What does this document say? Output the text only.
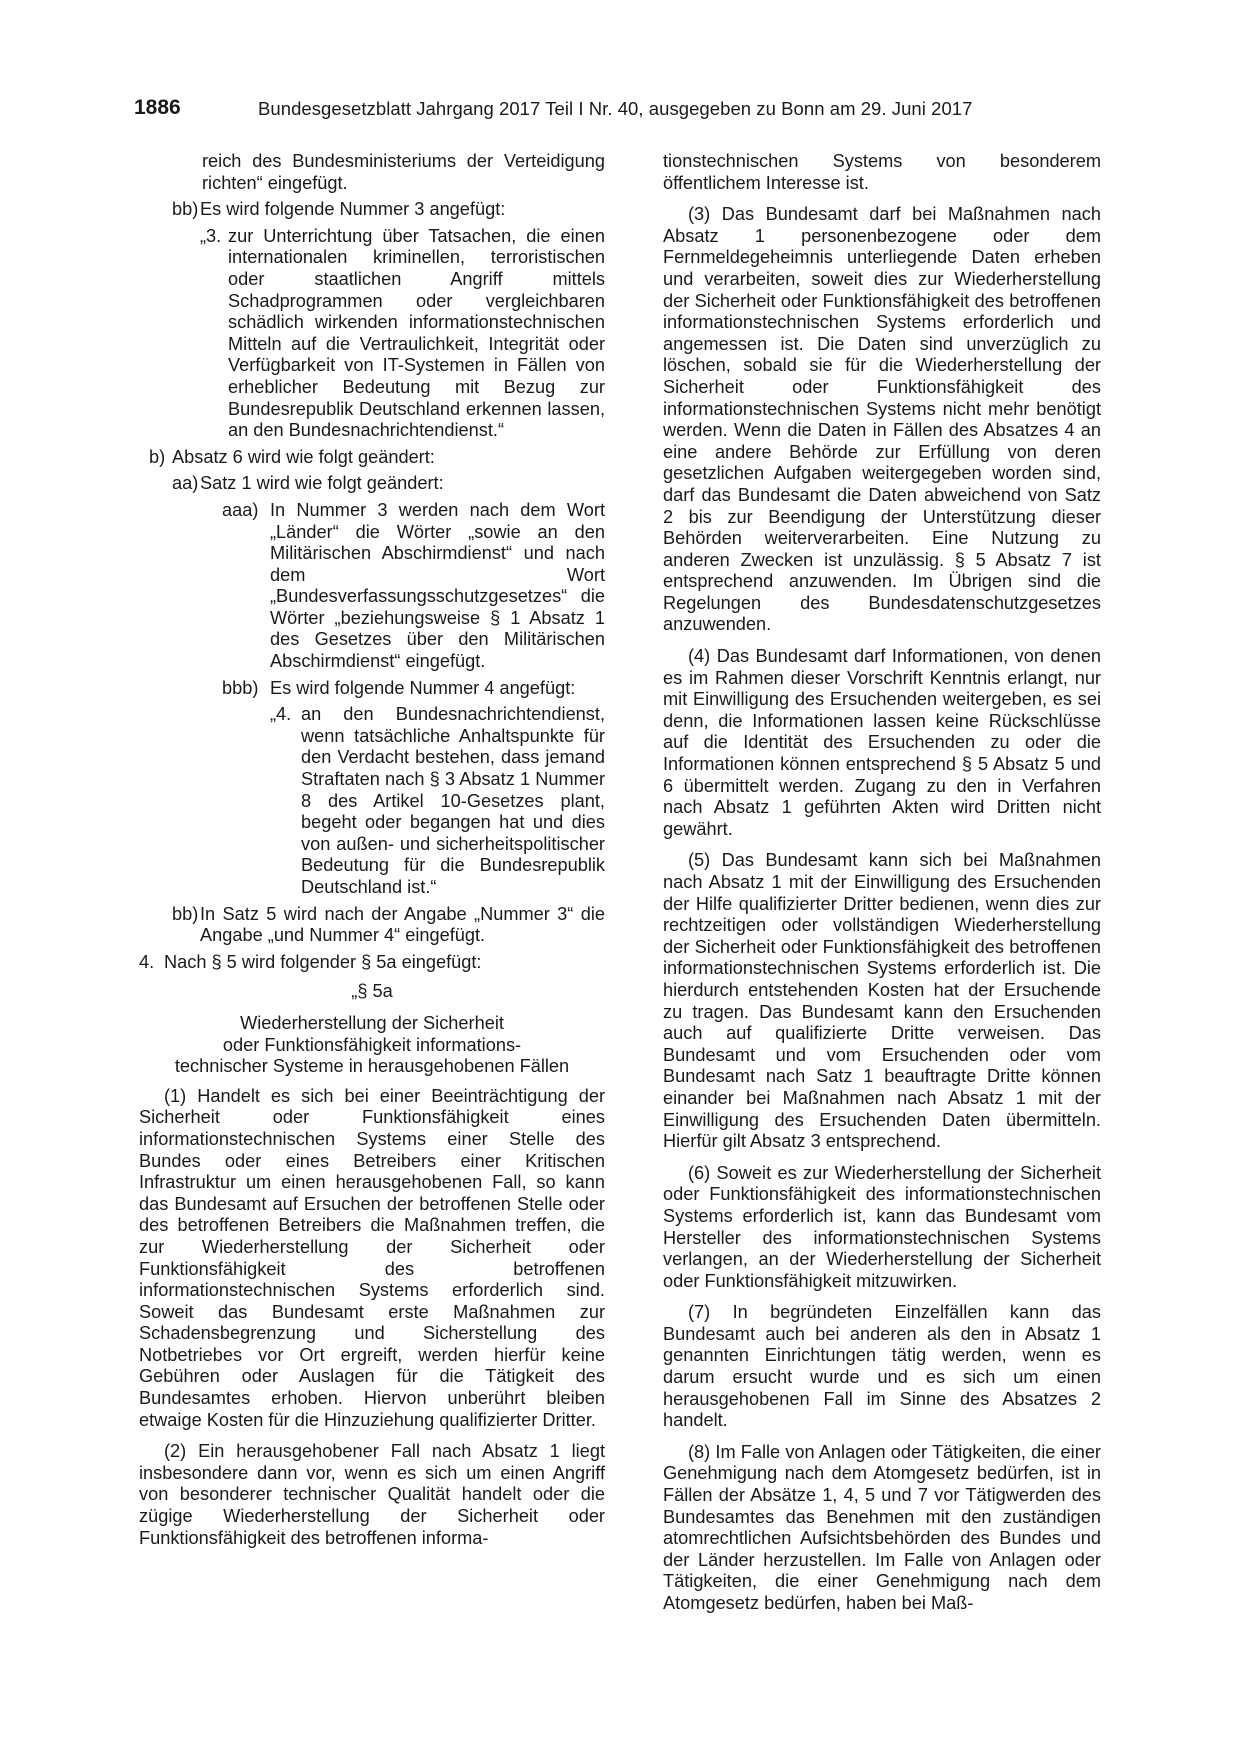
1886	Bundesgesetzblatt Jahrgang 2017 Teil I Nr. 40, ausgegeben zu Bonn am 29. Juni 2017
reich des Bundesministeriums der Verteidigung richten“ eingefügt.
bb) Es wird folgende Nummer 3 angefügt:
„3. zur Unterrichtung über Tatsachen, die einen internationalen kriminellen, terroristischen oder staatlichen Angriff mittels Schadprogrammen oder vergleichbaren schädlich wirkenden informationstechnischen Mitteln auf die Vertraulichkeit, Integrität oder Verfügbarkeit von IT-Systemen in Fällen von erheblicher Bedeutung mit Bezug zur Bundesrepublik Deutschland erkennen lassen, an den Bundesnachrichtendienst.“
b) Absatz 6 wird wie folgt geändert:
aa) Satz 1 wird wie folgt geändert:
aaa) In Nummer 3 werden nach dem Wort „Länder“ die Wörter „sowie an den Militärischen Abschirmdienst“ und nach dem Wort „Bundesverfassungsschutzgesetzes“ die Wörter „beziehungsweise § 1 Absatz 1 des Gesetzes über den Militärischen Abschirmdienst“ eingefügt.
bbb) Es wird folgende Nummer 4 angefügt:
„4. an den Bundesnachrichtendienst, wenn tatsächliche Anhaltspunkte für den Verdacht bestehen, dass jemand Straftaten nach § 3 Absatz 1 Nummer 8 des Artikel 10-Gesetzes plant, begeht oder begangen hat und dies von außen- und sicherheitspolitischer Bedeutung für die Bundesrepublik Deutschland ist.“
bb) In Satz 5 wird nach der Angabe „Nummer 3“ die Angabe „und Nummer 4“ eingefügt.
4. Nach § 5 wird folgender § 5a eingefügt:
„§ 5a
Wiederherstellung der Sicherheit
oder Funktionsfähigkeit informations-
technischer Systeme in herausgehobenen Fällen
(1) Handelt es sich bei einer Beeinträchtigung der Sicherheit oder Funktionsfähigkeit eines informationstechnischen Systems einer Stelle des Bundes oder eines Betreibers einer Kritischen Infrastruktur um einen herausgehobenen Fall, so kann das Bundesamt auf Ersuchen der betroffenen Stelle oder des betroffenen Betreibers die Maßnahmen treffen, die zur Wiederherstellung der Sicherheit oder Funktionsfähigkeit des betroffenen informationstechnischen Systems erforderlich sind. Soweit das Bundesamt erste Maßnahmen zur Schadensbegrenzung und Sicherstellung des Notbetriebes vor Ort ergreift, werden hierfür keine Gebühren oder Auslagen für die Tätigkeit des Bundesamtes erhoben. Hiervon unberührt bleiben etwaige Kosten für die Hinzuziehung qualifizierter Dritter.
(2) Ein herausgehobener Fall nach Absatz 1 liegt insbesondere dann vor, wenn es sich um einen Angriff von besonderer technischer Qualität handelt oder die zügige Wiederherstellung der Sicherheit oder Funktionsfähigkeit des betroffenen informa-
tionstechnischen Systems von besonderem öffentlichem Interesse ist.
(3) Das Bundesamt darf bei Maßnahmen nach Absatz 1 personenbezogene oder dem Fernmeldegeheimnis unterliegende Daten erheben und verarbeiten, soweit dies zur Wiederherstellung der Sicherheit oder Funktionsfähigkeit des betroffenen informationstechnischen Systems erforderlich und angemessen ist. Die Daten sind unverzüglich zu löschen, sobald sie für die Wiederherstellung der Sicherheit oder Funktionsfähigkeit des informationstechnischen Systems nicht mehr benötigt werden. Wenn die Daten in Fällen des Absatzes 4 an eine andere Behörde zur Erfüllung von deren gesetzlichen Aufgaben weitergegeben worden sind, darf das Bundesamt die Daten abweichend von Satz 2 bis zur Beendigung der Unterstützung dieser Behörden weiterverarbeiten. Eine Nutzung zu anderen Zwecken ist unzulässig. § 5 Absatz 7 ist entsprechend anzuwenden. Im Übrigen sind die Regelungen des Bundesdatenschutzgesetzes anzuwenden.
(4) Das Bundesamt darf Informationen, von denen es im Rahmen dieser Vorschrift Kenntnis erlangt, nur mit Einwilligung des Ersuchenden weitergeben, es sei denn, die Informationen lassen keine Rückschlüsse auf die Identität des Ersuchenden zu oder die Informationen können entsprechend § 5 Absatz 5 und 6 übermittelt werden. Zugang zu den in Verfahren nach Absatz 1 geführten Akten wird Dritten nicht gewährt.
(5) Das Bundesamt kann sich bei Maßnahmen nach Absatz 1 mit der Einwilligung des Ersuchenden der Hilfe qualifizierter Dritter bedienen, wenn dies zur rechtzeitigen oder vollständigen Wiederherstellung der Sicherheit oder Funktionsfähigkeit des betroffenen informationstechnischen Systems erforderlich ist. Die hierdurch entstehenden Kosten hat der Ersuchende zu tragen. Das Bundesamt kann den Ersuchenden auch auf qualifizierte Dritte verweisen. Das Bundesamt und vom Ersuchenden oder vom Bundesamt nach Satz 1 beauftragte Dritte können einander bei Maßnahmen nach Absatz 1 mit der Einwilligung des Ersuchenden Daten übermitteln. Hierfür gilt Absatz 3 entsprechend.
(6) Soweit es zur Wiederherstellung der Sicherheit oder Funktionsfähigkeit des informationstechnischen Systems erforderlich ist, kann das Bundesamt vom Hersteller des informationstechnischen Systems verlangen, an der Wiederherstellung der Sicherheit oder Funktionsfähigkeit mitzuwirken.
(7) In begründeten Einzelfällen kann das Bundesamt auch bei anderen als den in Absatz 1 genannten Einrichtungen tätig werden, wenn es darum ersucht wurde und es sich um einen herausgehobenen Fall im Sinne des Absatzes 2 handelt.
(8) Im Falle von Anlagen oder Tätigkeiten, die einer Genehmigung nach dem Atomgesetz bedürfen, ist in Fällen der Absätze 1, 4, 5 und 7 vor Tätigwerden des Bundesamtes das Benehmen mit den zuständigen atomrechtlichen Aufsichtsbehörden des Bundes und der Länder herzustellen. Im Falle von Anlagen oder Tätigkeiten, die einer Genehmigung nach dem Atomgesetz bedürfen, haben bei Maß-
